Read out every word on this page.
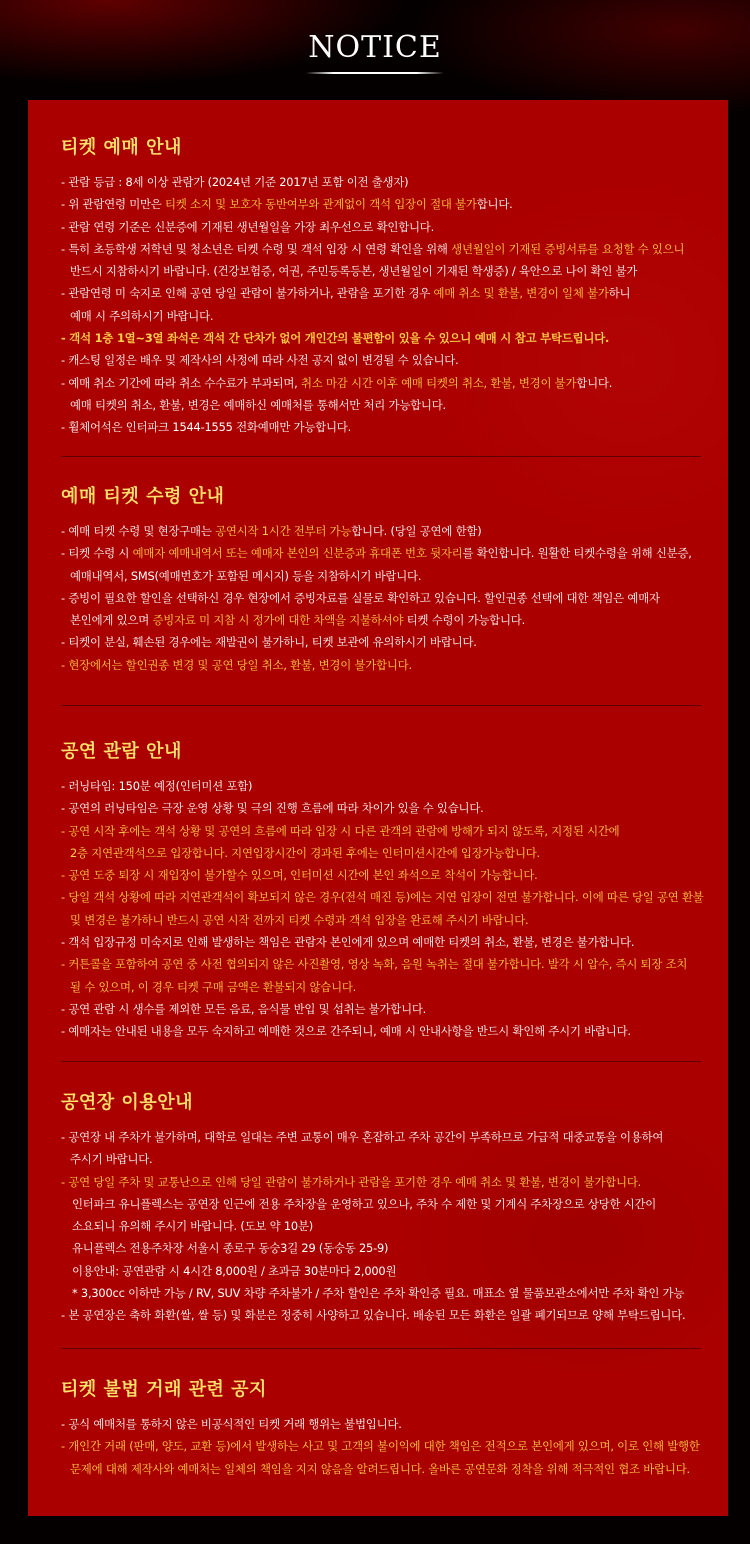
NOTICE
티켓 예매 안내
- 관람 등급 : 8세 이상 관람가 (2024년 기준 2017년 포함 이전 출생자)
- 위 관람연령 미만은 티켓 소지 및 보호자 동반여부와 관계없이 객석 입장이 절대 불가합니다.
- 관람 연령 기준은 신분증에 기재된 생년월일을 가장 최우선으로 확인합니다.
- 특히 초등학생 저학년 및 청소년은 티켓 수령 및 객석 입장 시 연령 확인을 위해 생년월일이 기재된 증빙서류를 요청할 수 있으니
반드시 지참하시기 바랍니다. (건강보험증, 여권, 주민등록등본, 생년월일이 기재된 학생증) / 육안으로 나이 확인 불가
- 관람연령 미 숙지로 인해 공연 당일 관람이 불가하거나, 관람을 포기한 경우 예매 취소 및 환불, 변경이 일체 불가하니
예매 시 주의하시기 바랍니다.
- 객석 1층 1열~3열 좌석은 객석 간 단차가 없어 개인간의 불편함이 있을 수 있으니 예매 시 참고 부탁드립니다.
- 캐스팅 일정은 배우 및 제작사의 사정에 따라 사전 공지 없이 변경될 수 있습니다.
- 예매 취소 기간에 따라 취소 수수료가 부과되며, 취소 마감 시간 이후 예매 티켓의 취소, 환불, 변경이 불가합니다.
예매 티켓의 취소, 환불, 변경은 예매하신 예매처를 통해서만 처리 가능합니다.
- 휠체어석은 인터파크 1544-1555 전화예매만 가능합니다.
예매 티켓 수령 안내
- 예매 티켓 수령 및 현장구매는 공연시작 1시간 전부터 가능합니다. (당일 공연에 한함)
- 티켓 수령 시 예매자 예매내역서 또는 예매자 본인의 신분증과 휴대폰 번호 뒷자리를 확인합니다. 원활한 티켓수령을 위해 신분증,
예매내역서, SMS(예매번호가 포함된 메시지) 등을 지참하시기 바랍니다.
- 증빙이 필요한 할인을 선택하신 경우 현장에서 증빙자료를 실물로 확인하고 있습니다. 할인권종 선택에 대한 책임은 예매자
본인에게 있으며 증빙자료 미 지참 시 정가에 대한 차액을 지불하셔야 티켓 수령이 가능합니다.
- 티켓이 분실, 훼손된 경우에는 재발권이 불가하니, 티켓 보관에 유의하시기 바랍니다.
- 현장에서는 할인권종 변경 및 공연 당일 취소, 환불, 변경이 불가합니다.
공연 관람 안내
- 러닝타임: 150분 예정(인터미션 포함)
- 공연의 러닝타임은 극장 운영 상황 및 극의 진행 흐름에 따라 차이가 있을 수 있습니다.
- 공연 시작 후에는 객석 상황 및 공연의 흐름에 따라 입장 시 다른 관객의 관람에 방해가 되지 않도록, 지정된 시간에
2층 지연관객석으로 입장합니다. 지연입장시간이 경과된 후에는 인터미션시간에 입장가능합니다.
- 공연 도중 퇴장 시 재입장이 불가할수 있으며, 인터미션 시간에 본인 좌석으로 착석이 가능합니다.
- 당일 객석 상황에 따라 지연관객석이 확보되지 않은 경우(전석 매진 등)에는 지연 입장이 전면 불가합니다. 이에 따른 당일 공연 환불
및 변경은 불가하니 반드시 공연 시작 전까지 티켓 수령과 객석 입장을 완료해 주시기 바랍니다.
- 객석 입장규정 미숙지로 인해 발생하는 책임은 관람자 본인에게 있으며 예매한 티켓의 취소, 환불, 변경은 불가합니다.
- 커튼콜을 포함하여 공연 중 사전 협의되지 않은 사진촬영, 영상 녹화, 음원 녹취는 절대 불가합니다. 발각 시 압수, 즉시 퇴장 조치
될 수 있으며, 이 경우 티켓 구매 금액은 환불되지 않습니다.
- 공연 관람 시 생수를 제외한 모든 음료, 음식물 반입 및 섭취는 불가합니다.
- 예매자는 안내된 내용을 모두 숙지하고 예매한 것으로 간주되니, 예매 시 안내사항을 반드시 확인해 주시기 바랍니다.
공연장 이용안내
- 공연장 내 주차가 불가하며, 대학로 일대는 주변 교통이 매우 혼잡하고 주차 공간이 부족하므로 가급적 대중교통을 이용하여
주시기 바랍니다.
- 공연 당일 주차 및 교통난으로 인해 당일 관람이 불가하거나 관람을 포기한 경우 예매 취소 및 환불, 변경이 불가합니다.
인터파크 유니플렉스는 공연장 인근에 전용 주차장을 운영하고 있으나, 주차 수 제한 및 기계식 주차장으로 상당한 시간이
소요되니 유의해 주시기 바랍니다. (도보 약 10분)
유니플렉스 전용주차장 서울시 종로구 동숭3길 29 (동숭동 25-9)
이용안내: 공연관람 시 4시간 8,000원 / 초과금 30분마다 2,000원
* 3,300cc 이하만 가능 / RV, SUV 차량 주차불가 / 주차 할인은 주차 확인증 필요. 매표소 옆 물품보관소에서만 주차 확인 가능
- 본 공연장은 축하 화환(쌀, 쌀 등) 및 화분은 정중히 사양하고 있습니다. 배송된 모든 화환은 일괄 폐기되므로 양해 부탁드립니다.
티켓 불법 거래 관련 공지
- 공식 예매처를 통하지 않은 비공식적인 티켓 거래 행위는 불법입니다.
- 개인간 거래 (판매, 양도, 교환 등)에서 발생하는 사고 및 고객의 불이익에 대한 책임은 전적으로 본인에게 있으며, 이로 인해 발행한
문제에 대해 제작사와 예매처는 일체의 책임을 지지 않음을 알려드립니다. 올바른 공연문화 정착을 위해 적극적인 협조 바랍니다.
